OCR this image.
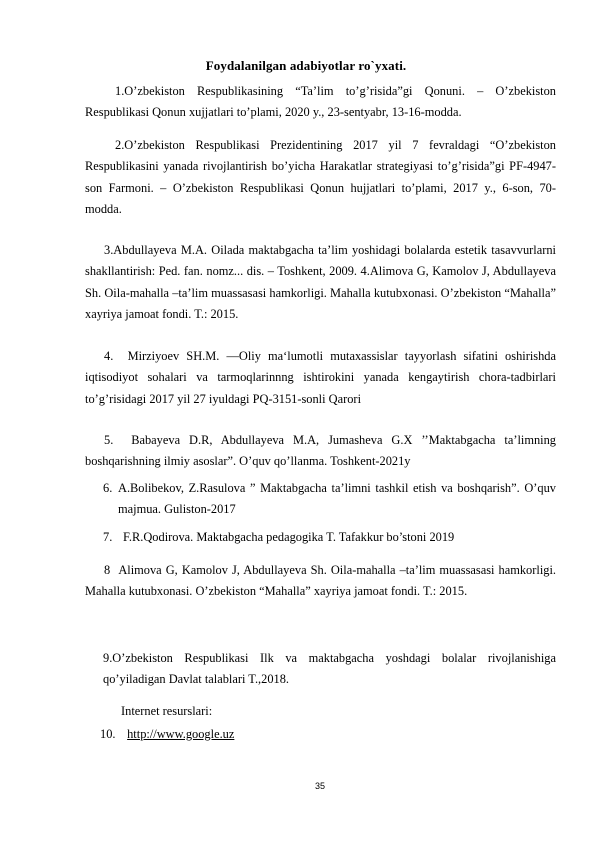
Foydalanilgan adabiyotlar ro`yxati.

1.O’zbekiston Respublikasining “Ta’lim to’g’risida”gi Qonuni. – O’zbekiston Respublikasi Qonun xujjatlari to’plami, 2020 y., 23-sentyabr, 13-16-modda.

2.O’zbekiston Respublikasi Prezidentining 2017 yil 7 fevraldagi “O’zbekiston Respublikasini yanada rivojlantirish bo’yicha Harakatlar strategiyasi to’g’risida”gi PF-4947-son Farmoni. – O’zbekiston Respublikasi Qonun hujjatlari to’plami, 2017 y., 6-son, 70-modda.

3.Abdullayeva M.A. Oilada maktabgacha ta’lim yoshidagi bolalarda estetik tasavvurlarni shakllantirish: Ped. fan. nomz... dis. – Toshkent, 2009. 4.Alimova G, Kamolov J, Abdullayeva Sh. Oila-mahalla –ta’lim muassasasi hamkorligi. Mahalla kutubxonasi. O’zbekiston “Mahalla” xayriya jamoat fondi. T.: 2015.

4. Mirziyoev SH.M. ―Oliy ma‘lumotli mutaxassislar tayyorlash sifatini oshirishda iqtisodiyot sohalari va tarmoqlarinnng ishtirokini yanada kengaytirish chora-tadbirlari to’g’risidagi 2017 yil 27 iyuldagi PQ-3151-sonli Qarori

5. Babayeva D.R, Abdullayeva M.A, Jumasheva G.X ’’Maktabgacha ta’limning boshqarishning ilmiy asoslar”. O’quv qo’llanma. Toshkent-2021y

6. A.Bolibekov, Z.Rasulova ” Maktabgacha ta’limni tashkil etish va boshqarish”. O’quv majmua. Guliston-2017
7. F.R.Qodirova. Maktabgacha pedagogika T. Tafakkur bo’stoni 2019

8 Alimova G, Kamolov J, Abdullayeva Sh. Oila-mahalla –ta’lim muassasasi hamkorligi. Mahalla kutubxonasi. O’zbekiston “Mahalla” xayriya jamoat fondi. T.: 2015.

9.O’zbekiston Respublikasi Ilk va maktabgacha yoshdagi bolalar rivojlanishiga qo’yiladigan Davlat talablari T.,2018.

Internet resurslari:
10. http://www.google.uz
35
